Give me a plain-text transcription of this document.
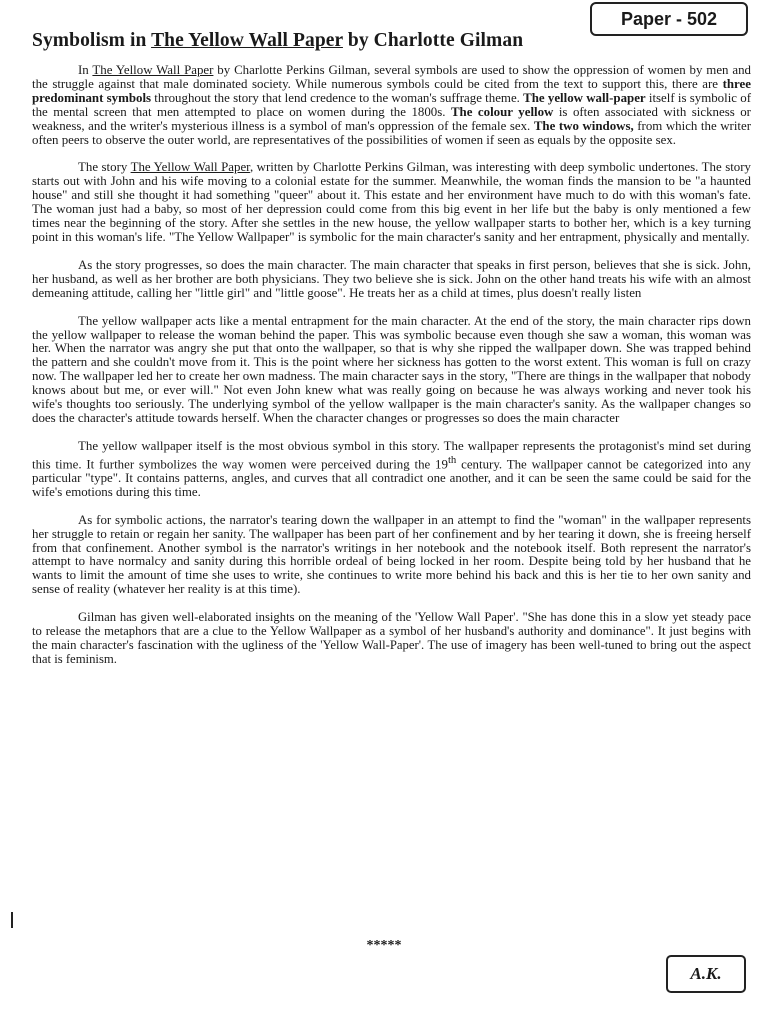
Paper - 502
Symbolism in The Yellow Wall Paper by Charlotte Gilman

In The Yellow Wall Paper by Charlotte Perkins Gilman, several symbols are used to show the oppression of women by men and the struggle against that male dominated society. While numerous symbols could be cited from the text to support this, there are three predominant symbols throughout the story that lend credence to the woman's suffrage theme. The yellow wall-paper itself is symbolic of the mental screen that men attempted to place on women during the 1800s. The colour yellow is often associated with sickness or weakness, and the writer's mysterious illness is a symbol of man's oppression of the female sex. The two windows, from which the writer often peers to observe the outer world, are representatives of the possibilities of women if seen as equals by the opposite sex.

The story The Yellow Wall Paper, written by Charlotte Perkins Gilman, was interesting with deep symbolic undertones. The story starts out with John and his wife moving to a colonial estate for the summer. Meanwhile, the woman finds the mansion to be "a haunted house" and still she thought it had something "queer" about it. This estate and her environment have much to do with this woman's fate. The woman just had a baby, so most of her depression could come from this big event in her life but the baby is only mentioned a few times near the beginning of the story. After she settles in the new house, the yellow wallpaper starts to bother her, which is a key turning point in this woman's life. "The Yellow Wallpaper" is symbolic for the main character's sanity and her entrapment, physically and mentally.

As the story progresses, so does the main character. The main character that speaks in first person, believes that she is sick. John, her husband, as well as her brother are both physicians. They two believe she is sick. John on the other hand treats his wife with an almost demeaning attitude, calling her "little girl" and "little goose". He treats her as a child at times, plus doesn't really listen

The yellow wallpaper acts like a mental entrapment for the main character. At the end of the story, the main character rips down the yellow wallpaper to release the woman behind the paper. This was symbolic because even though she saw a woman, this woman was her. When the narrator was angry she put that onto the wallpaper, so that is why she ripped the wallpaper down. She was trapped behind the pattern and she couldn't move from it. This is the point where her sickness has gotten to the worst extent. This woman is full on crazy now. The wallpaper led her to create her own madness. The main character says in the story, "There are things in the wallpaper that nobody knows about but me, or ever will." Not even John knew what was really going on because he was always working and never took his wife's thoughts too seriously. The underlying symbol of the yellow wallpaper is the main character's sanity. As the wallpaper changes so does the character's attitude towards herself. When the character changes or progresses so does the main character

The yellow wallpaper itself is the most obvious symbol in this story. The wallpaper represents the protagonist's mind set during this time. It further symbolizes the way women were perceived during the 19th century. The wallpaper cannot be categorized into any particular "type". It contains patterns, angles, and curves that all contradict one another, and it can be seen the same could be said for the wife's emotions during this time.

As for symbolic actions, the narrator's tearing down the wallpaper in an attempt to find the "woman" in the wallpaper represents her struggle to retain or regain her sanity. The wallpaper has been part of her confinement and by her tearing it down, she is freeing herself from that confinement. Another symbol is the narrator's writings in her notebook and the notebook itself. Both represent the narrator's attempt to have normalcy and sanity during this horrible ordeal of being locked in her room. Despite being told by her husband that he wants to limit the amount of time she uses to write, she continues to write more behind his back and this is her tie to her own sanity and sense of reality (whatever her reality is at this time).

Gilman has given well-elaborated insights on the meaning of the 'Yellow Wall Paper'. "She has done this in a slow yet steady pace to release the metaphors that are a clue to the Yellow Wallpaper as a symbol of her husband's authority and dominance". It just begins with the main character's fascination with the ugliness of the 'Yellow Wall-Paper'. The use of imagery has been well-tuned to bring out the aspect that is feminism.

*****
A.K.
